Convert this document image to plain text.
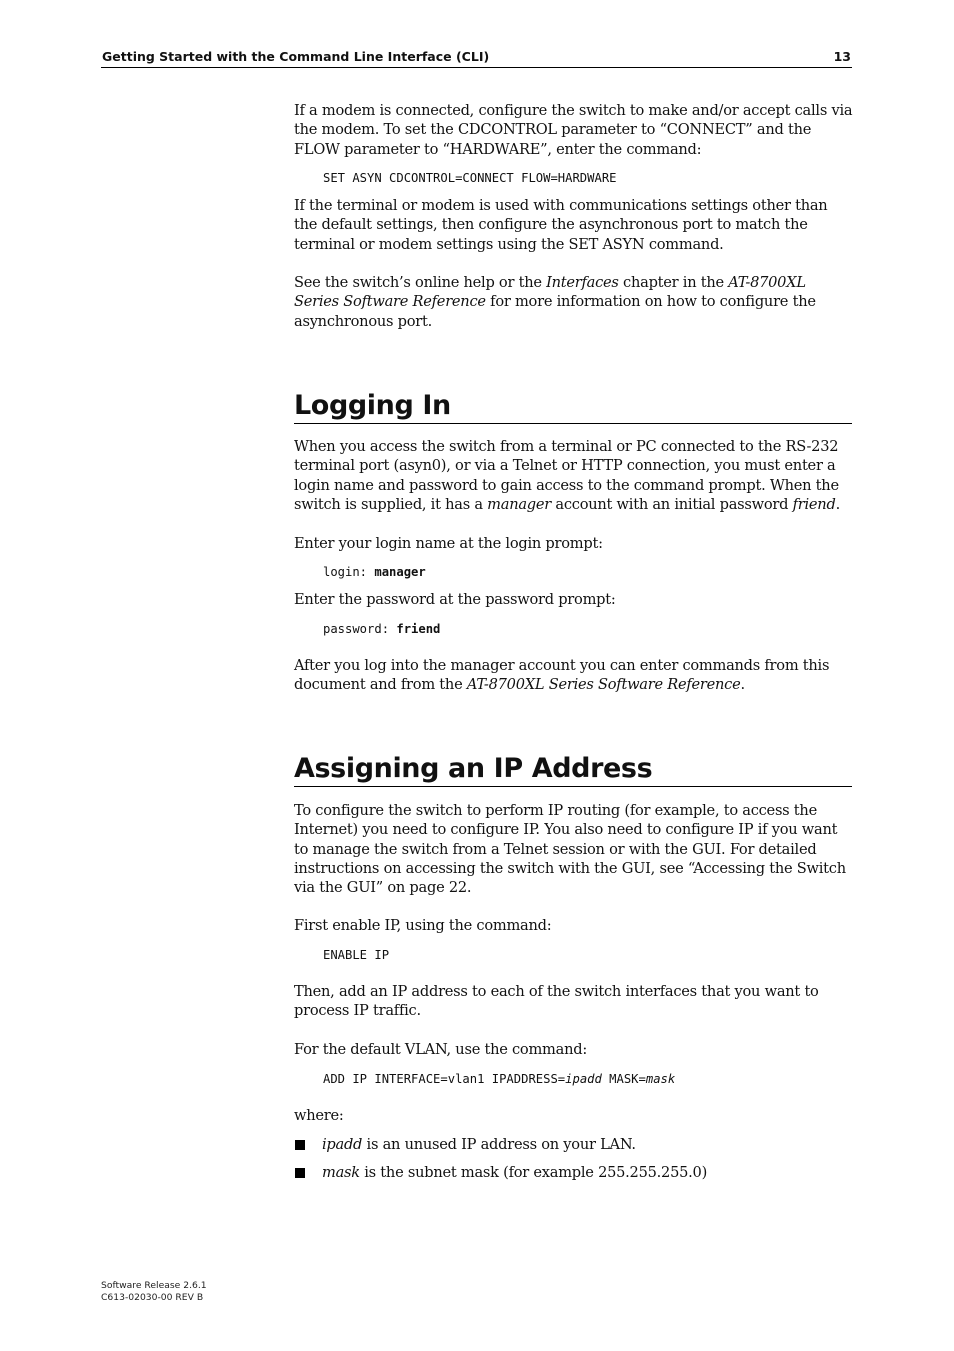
Getting Started with the Command Line Interface (CLI)	13

If a modem is connected, configure the switch to make and/or accept calls via the modem. To set the CDCONTROL parameter to “CONNECT” and the FLOW parameter to “HARDWARE”, enter the command:

SET ASYN CDCONTROL=CONNECT FLOW=HARDWARE

If the terminal or modem is used with communications settings other than the default settings, then configure the asynchronous port to match the terminal or modem settings using the SET ASYN command.

See the switch’s online help or the Interfaces chapter in the AT-8700XL Series Software Reference for more information on how to configure the asynchronous port.

Logging In

When you access the switch from a terminal or PC connected to the RS-232 terminal port (asyn0), or via a Telnet or HTTP connection, you must enter a login name and password to gain access to the command prompt. When the switch is supplied, it has a manager account with an initial password friend.

Enter your login name at the login prompt:

login: manager

Enter the password at the password prompt:

password: friend

After you log into the manager account you can enter commands from this document and from the AT-8700XL Series Software Reference.

Assigning an IP Address

To configure the switch to perform IP routing (for example, to access the Internet) you need to configure IP. You also need to configure IP if you want to manage the switch from a Telnet session or with the GUI. For detailed instructions on accessing the switch with the GUI, see “Accessing the Switch via the GUI” on page 22.

First enable IP, using the command:

ENABLE IP

Then, add an IP address to each of the switch interfaces that you want to process IP traffic.

For the default VLAN, use the command:

ADD IP INTERFACE=vlan1 IPADDRESS=ipadd MASK=mask

where:

ipadd is an unused IP address on your LAN.
mask is the subnet mask (for example 255.255.255.0)
Software Release 2.6.1
C613-02030-00 REV B
